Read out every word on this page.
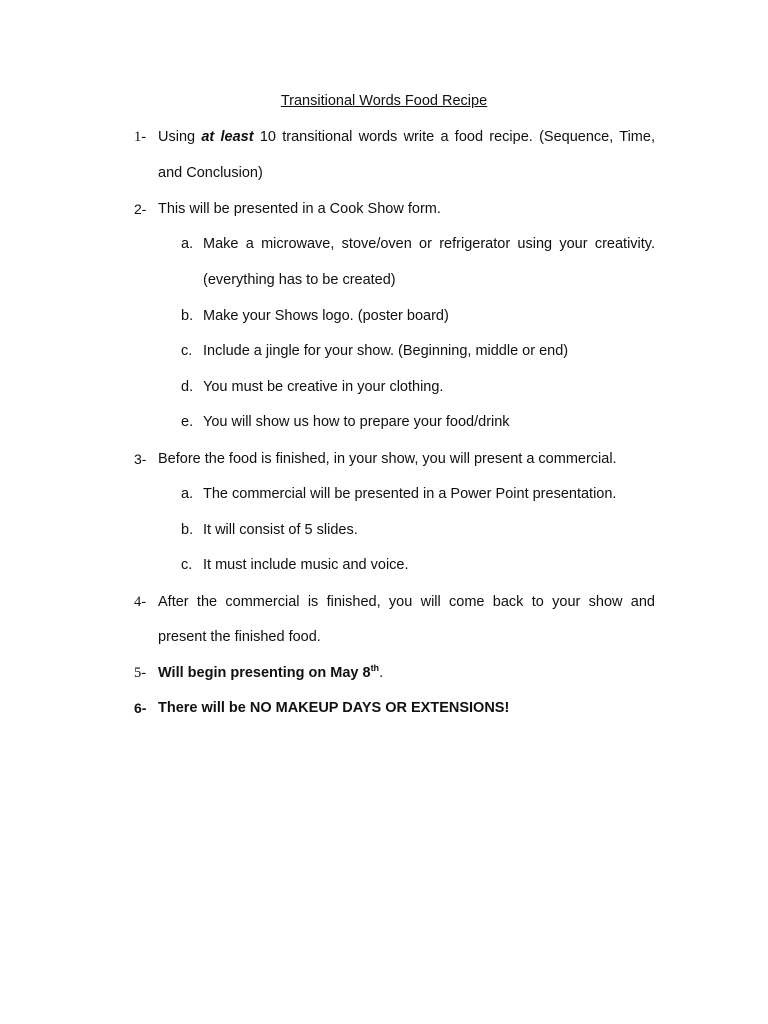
Transitional Words Food Recipe
1- Using at least 10 transitional words write a food recipe. (Sequence, Time,
and Conclusion)
2- This will be presented in a Cook Show form.
a. Make a microwave, stove/oven or refrigerator using your creativity.
(everything has to be created)
b. Make your Shows logo. (poster board)
c. Include a jingle for your show. (Beginning, middle or end)
d. You must be creative in your clothing.
e. You will show us how to prepare your food/drink
3- Before the food is finished, in your show, you will present a commercial.
a. The commercial will be presented in a Power Point presentation.
b. It will consist of 5 slides.
c. It must include music and voice.
4- After the commercial is finished, you will come back to your show and
present the finished food.
5- Will begin presenting on May 8th.
6- There will be NO MAKEUP DAYS OR EXTENSIONS!
